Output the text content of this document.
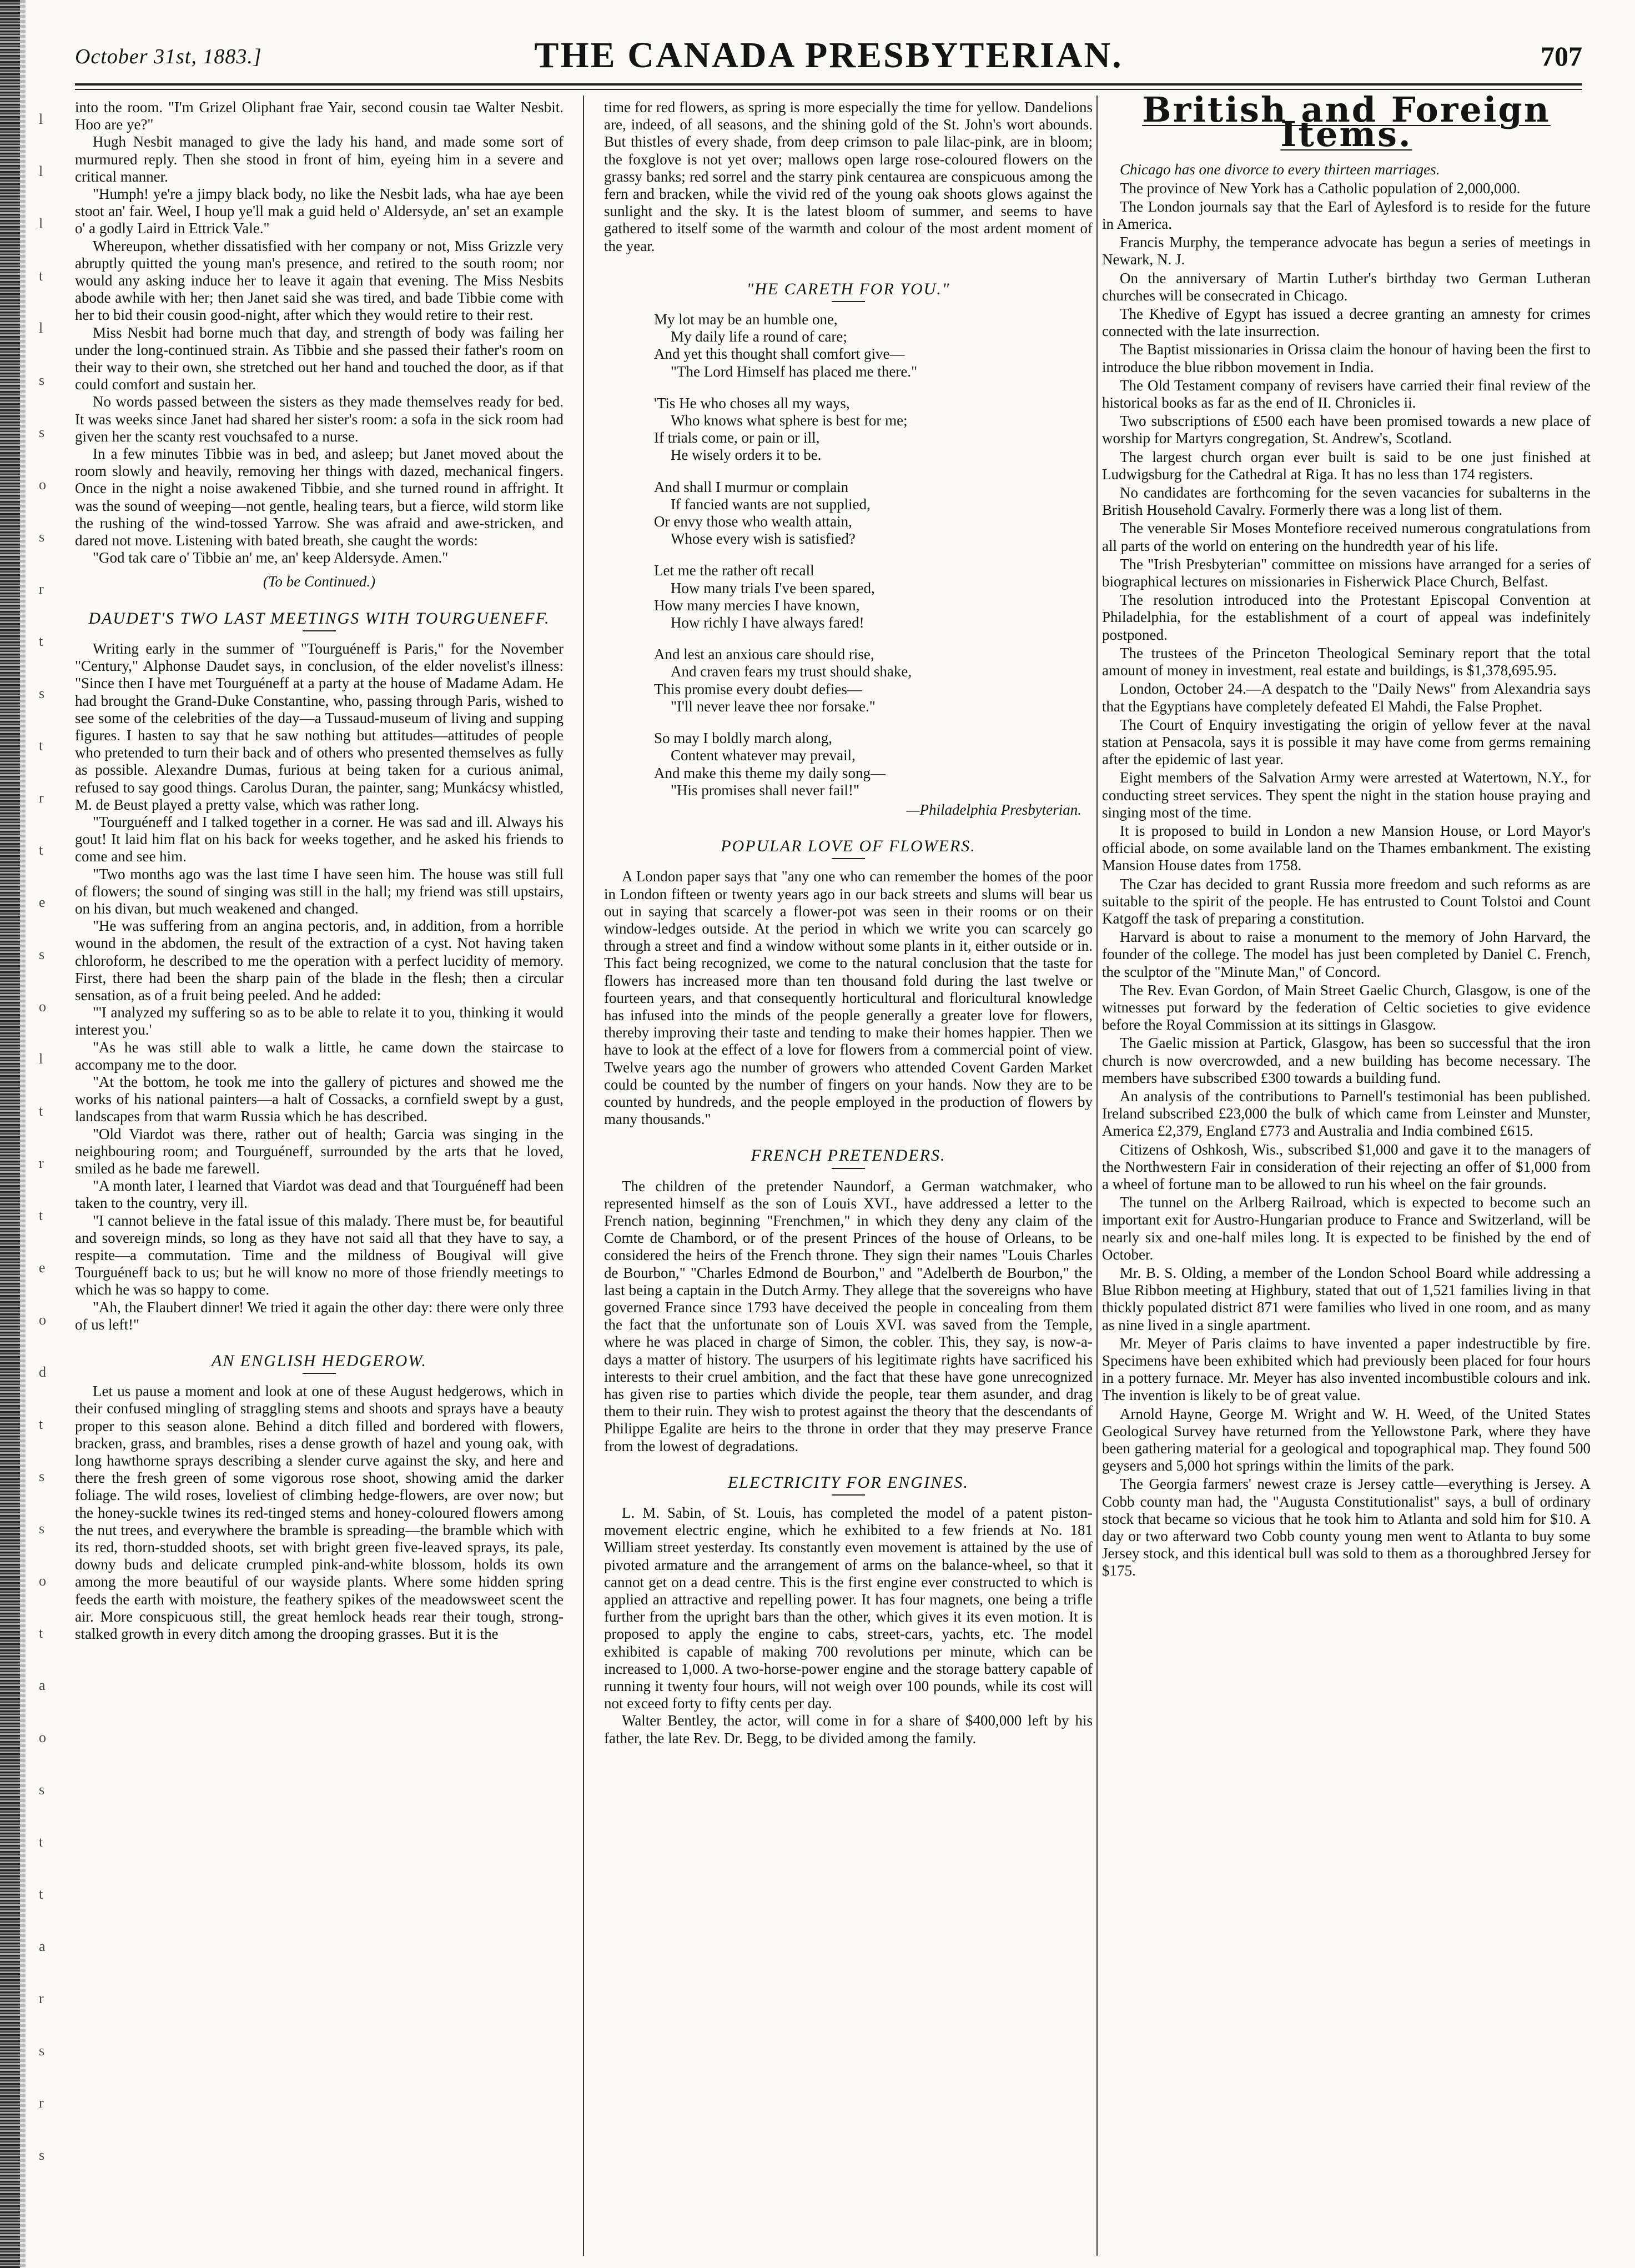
l
l
l
t
l
s
s
o
s
r
t
s
t
r
t
e
s
o
l
t
r
t
e
o
d
t
s
s
o
t
a
o
s
t
t
a
r
s
r
s
October 31st, 1883.]	THE CANADA PRESBYTERIAN.	707

into the room. "I'm Grizel Oliphant frae Yair, second cousin tae Walter Nesbit. Hoo are ye?"

Hugh Nesbit managed to give the lady his hand, and made some sort of murmured reply. Then she stood in front of him, eyeing him in a severe and critical manner.

"Humph! ye're a jimpy black body, no like the Nesbit lads, wha hae aye been stoot an' fair. Weel, I houp ye'll mak a guid held o' Aldersyde, an' set an example o' a godly Laird in Ettrick Vale."

Whereupon, whether dissatisfied with her company or not, Miss Grizzle very abruptly quitted the young man's presence, and retired to the south room; nor would any asking induce her to leave it again that evening. The Miss Nesbits abode awhile with her; then Janet said she was tired, and bade Tibbie come with her to bid their cousin good-night, after which they would retire to their rest.

Miss Nesbit had borne much that day, and strength of body was failing her under the long-continued strain. As Tibbie and she passed their father's room on their way to their own, she stretched out her hand and touched the door, as if that could comfort and sustain her.

No words passed between the sisters as they made themselves ready for bed. It was weeks since Janet had shared her sister's room: a sofa in the sick room had given her the scanty rest vouchsafed to a nurse.

In a few minutes Tibbie was in bed, and asleep; but Janet moved about the room slowly and heavily, removing her things with dazed, mechanical fingers. Once in the night a noise awakened Tibbie, and she turned round in affright. It was the sound of weeping—not gentle, healing tears, but a fierce, wild storm like the rushing of the wind-tossed Yarrow. She was afraid and awe-stricken, and dared not move. Listening with bated breath, she caught the words:

"God tak care o' Tibbie an' me, an' keep Aldersyde. Amen."

(To be Continued.)

DAUDET'S TWO LAST MEETINGS WITH TOURGUENEFF.

Writing early in the summer of "Tourguéneff is Paris," for the November "Century," Alphonse Daudet says, in conclusion, of the elder novelist's illness: "Since then I have met Tourguéneff at a party at the house of Madame Adam. He had brought the Grand-Duke Constantine, who, passing through Paris, wished to see some of the celebrities of the day—a Tussaud-museum of living and supping figures. I hasten to say that he saw nothing but attitudes—attitudes of people who pretended to turn their back and of others who presented themselves as fully as possible. Alexandre Dumas, furious at being taken for a curious animal, refused to say good things. Carolus Duran, the painter, sang; Munkácsy whistled, M. de Beust played a pretty valse, which was rather long.

"Tourguéneff and I talked together in a corner. He was sad and ill. Always his gout! It laid him flat on his back for weeks together, and he asked his friends to come and see him.

"Two months ago was the last time I have seen him. The house was still full of flowers; the sound of singing was still in the hall; my friend was still upstairs, on his divan, but much weakened and changed.

"He was suffering from an angina pectoris, and, in addition, from a horrible wound in the abdomen, the result of the extraction of a cyst. Not having taken chloroform, he described to me the operation with a perfect lucidity of memory. First, there had been the sharp pain of the blade in the flesh; then a circular sensation, as of a fruit being peeled. And he added:

"'I analyzed my suffering so as to be able to relate it to you, thinking it would interest you.'

"As he was still able to walk a little, he came down the staircase to accompany me to the door.

"At the bottom, he took me into the gallery of pictures and showed me the works of his national painters—a halt of Cossacks, a cornfield swept by a gust, landscapes from that warm Russia which he has described.

"Old Viardot was there, rather out of health; Garcia was singing in the neighbouring room; and Tourguéneff, surrounded by the arts that he loved, smiled as he bade me farewell.

"A month later, I learned that Viardot was dead and that Tourguéneff had been taken to the country, very ill.

"I cannot believe in the fatal issue of this malady. There must be, for beautiful and sovereign minds, so long as they have not said all that they have to say, a respite—a commutation. Time and the mildness of Bougival will give Tourguéneff back to us; but he will know no more of those friendly meetings to which he was so happy to come.

"Ah, the Flaubert dinner! We tried it again the other day: there were only three of us left!"

AN ENGLISH HEDGEROW.

Let us pause a moment and look at one of these August hedgerows, which in their confused mingling of straggling stems and shoots and sprays have a beauty proper to this season alone. Behind a ditch filled and bordered with flowers, bracken, grass, and brambles, rises a dense growth of hazel and young oak, with long hawthorne sprays describing a slender curve against the sky, and here and there the fresh green of some vigorous rose shoot, showing amid the darker foliage. The wild roses, loveliest of climbing hedge-flowers, are over now; but the honey-suckle twines its red-tinged stems and honey-coloured flowers among the nut trees, and everywhere the bramble is spreading—the bramble which with its red, thorn-studded shoots, set with bright green five-leaved sprays, its pale, downy buds and delicate crumpled pink-and-white blossom, holds its own among the more beautiful of our wayside plants. Where some hidden spring feeds the earth with moisture, the feathery spikes of the meadowsweet scent the air. More conspicuous still, the great hemlock heads rear their tough, strong-stalked growth in every ditch among the drooping grasses. But it is the

time for red flowers, as spring is more especially the time for yellow. Dandelions are, indeed, of all seasons, and the shining gold of the St. John's wort abounds. But thistles of every shade, from deep crimson to pale lilac-pink, are in bloom; the foxglove is not yet over; mallows open large rose-coloured flowers on the grassy banks; red sorrel and the starry pink centaurea are conspicuous among the fern and bracken, while the vivid red of the young oak shoots glows against the sunlight and the sky. It is the latest bloom of summer, and seems to have gathered to itself some of the warmth and colour of the most ardent moment of the year.

"HE CARETH FOR YOU."
My lot may be an humble one,
My daily life a round of care;
And yet this thought shall comfort give—
"The Lord Himself has placed me there."
'Tis He who choses all my ways,
Who knows what sphere is best for me;
If trials come, or pain or ill,
He wisely orders it to be.
And shall I murmur or complain
If fancied wants are not supplied,
Or envy those who wealth attain,
Whose every wish is satisfied?
Let me the rather oft recall
How many trials I've been spared,
How many mercies I have known,
How richly I have always fared!
And lest an anxious care should rise,
And craven fears my trust should shake,
This promise every doubt defies—
"I'll never leave thee nor forsake."
So may I boldly march along,
Content whatever may prevail,
And make this theme my daily song—
"His promises shall never fail!"

—Philadelphia Presbyterian.

POPULAR LOVE OF FLOWERS.

A London paper says that "any one who can remember the homes of the poor in London fifteen or twenty years ago in our back streets and slums will bear us out in saying that scarcely a flower-pot was seen in their rooms or on their window-ledges outside. At the period in which we write you can scarcely go through a street and find a window without some plants in it, either outside or in. This fact being recognized, we come to the natural conclusion that the taste for flowers has increased more than ten thousand fold during the last twelve or fourteen years, and that consequently horticultural and floricultural knowledge has infused into the minds of the people generally a greater love for flowers, thereby improving their taste and tending to make their homes happier. Then we have to look at the effect of a love for flowers from a commercial point of view. Twelve years ago the number of growers who attended Covent Garden Market could be counted by the number of fingers on your hands. Now they are to be counted by hundreds, and the people employed in the production of flowers by many thousands."

FRENCH PRETENDERS.

The children of the pretender Naundorf, a German watchmaker, who represented himself as the son of Louis XVI., have addressed a letter to the French nation, beginning "Frenchmen," in which they deny any claim of the Comte de Chambord, or of the present Princes of the house of Orleans, to be considered the heirs of the French throne. They sign their names "Louis Charles de Bourbon," "Charles Edmond de Bourbon," and "Adelberth de Bourbon," the last being a captain in the Dutch Army. They allege that the sovereigns who have governed France since 1793 have deceived the people in concealing from them the fact that the unfortunate son of Louis XVI. was saved from the Temple, where he was placed in charge of Simon, the cobler. This, they say, is now-a-days a matter of history. The usurpers of his legitimate rights have sacrificed his interests to their cruel ambition, and the fact that these have gone unrecognized has given rise to parties which divide the people, tear them asunder, and drag them to their ruin. They wish to protest against the theory that the descendants of Philippe Egalite are heirs to the throne in order that they may preserve France from the lowest of degradations.

ELECTRICITY FOR ENGINES.

L. M. Sabin, of St. Louis, has completed the model of a patent piston-movement electric engine, which he exhibited to a few friends at No. 181 William street yesterday. Its constantly even movement is attained by the use of pivoted armature and the arrangement of arms on the balance-wheel, so that it cannot get on a dead centre. This is the first engine ever constructed to which is applied an attractive and repelling power. It has four magnets, one being a trifle further from the upright bars than the other, which gives it its even motion. It is proposed to apply the engine to cabs, street-cars, yachts, etc. The model exhibited is capable of making 700 revolutions per minute, which can be increased to 1,000. A two-horse-power engine and the storage battery capable of running it twenty four hours, will not weigh over 100 pounds, while its cost will not exceed forty to fifty cents per day.

Walter Bentley, the actor, will come in for a share of $400,000 left by his father, the late Rev. Dr. Begg, to be divided among the family.

British and Foreign Items.

Chicago has one divorce to every thirteen marriages.

The province of New York has a Catholic population of 2,000,000.

The London journals say that the Earl of Aylesford is to reside for the future in America.

Francis Murphy, the temperance advocate has begun a series of meetings in Newark, N. J.

On the anniversary of Martin Luther's birthday two German Lutheran churches will be consecrated in Chicago.

The Khedive of Egypt has issued a decree granting an amnesty for crimes connected with the late insurrection.

The Baptist missionaries in Orissa claim the honour of having been the first to introduce the blue ribbon movement in India.

The Old Testament company of revisers have carried their final review of the historical books as far as the end of II. Chronicles ii.

Two subscriptions of £500 each have been promised towards a new place of worship for Martyrs congregation, St. Andrew's, Scotland.

The largest church organ ever built is said to be one just finished at Ludwigsburg for the Cathedral at Riga. It has no less than 174 registers.

No candidates are forthcoming for the seven vacancies for subalterns in the British Household Cavalry. Formerly there was a long list of them.

The venerable Sir Moses Montefiore received numerous congratulations from all parts of the world on entering on the hundredth year of his life.

The "Irish Presbyterian" committee on missions have arranged for a series of biographical lectures on missionaries in Fisherwick Place Church, Belfast.

The resolution introduced into the Protestant Episcopal Convention at Philadelphia, for the establishment of a court of appeal was indefinitely postponed.

The trustees of the Princeton Theological Seminary report that the total amount of money in investment, real estate and buildings, is $1,378,695.95.

London, October 24.—A despatch to the "Daily News" from Alexandria says that the Egyptians have completely defeated El Mahdi, the False Prophet.

The Court of Enquiry investigating the origin of yellow fever at the naval station at Pensacola, says it is possible it may have come from germs remaining after the epidemic of last year.

Eight members of the Salvation Army were arrested at Watertown, N.Y., for conducting street services. They spent the night in the station house praying and singing most of the time.

It is proposed to build in London a new Mansion House, or Lord Mayor's official abode, on some available land on the Thames embankment. The existing Mansion House dates from 1758.

The Czar has decided to grant Russia more freedom and such reforms as are suitable to the spirit of the people. He has entrusted to Count Tolstoi and Count Katgoff the task of preparing a constitution.

Harvard is about to raise a monument to the memory of John Harvard, the founder of the college. The model has just been completed by Daniel C. French, the sculptor of the "Minute Man," of Concord.

The Rev. Evan Gordon, of Main Street Gaelic Church, Glasgow, is one of the witnesses put forward by the federation of Celtic societies to give evidence before the Royal Commission at its sittings in Glasgow.

The Gaelic mission at Partick, Glasgow, has been so successful that the iron church is now overcrowded, and a new building has become necessary. The members have subscribed £300 towards a building fund.

An analysis of the contributions to Parnell's testimonial has been published. Ireland subscribed £23,000 the bulk of which came from Leinster and Munster, America £2,379, England £773 and Australia and India combined £615.

Citizens of Oshkosh, Wis., subscribed $1,000 and gave it to the managers of the Northwestern Fair in consideration of their rejecting an offer of $1,000 from a wheel of fortune man to be allowed to run his wheel on the fair grounds.

The tunnel on the Arlberg Railroad, which is expected to become such an important exit for Austro-Hungarian produce to France and Switzerland, will be nearly six and one-half miles long. It is expected to be finished by the end of October.

Mr. B. S. Olding, a member of the London School Board while addressing a Blue Ribbon meeting at Highbury, stated that out of 1,521 families living in that thickly populated district 871 were families who lived in one room, and as many as nine lived in a single apartment.

Mr. Meyer of Paris claims to have invented a paper indestructible by fire. Specimens have been exhibited which had previously been placed for four hours in a pottery furnace. Mr. Meyer has also invented incombustible colours and ink. The invention is likely to be of great value.

Arnold Hayne, George M. Wright and W. H. Weed, of the United States Geological Survey have returned from the Yellowstone Park, where they have been gathering material for a geological and topographical map. They found 500 geysers and 5,000 hot springs within the limits of the park.

The Georgia farmers' newest craze is Jersey cattle—everything is Jersey. A Cobb county man had, the "Augusta Constitutionalist" says, a bull of ordinary stock that became so vicious that he took him to Atlanta and sold him for $10. A day or two afterward two Cobb county young men went to Atlanta to buy some Jersey stock, and this identical bull was sold to them as a thoroughbred Jersey for $175.
